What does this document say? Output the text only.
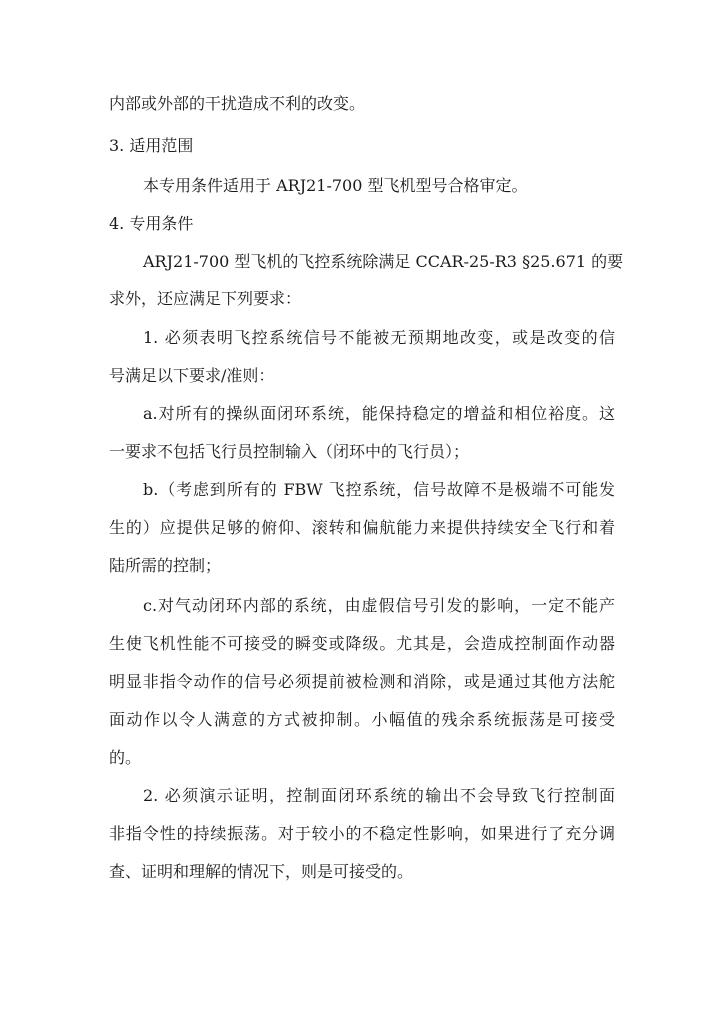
内部或外部的干扰造成不利的改变。
3. 适用范围
本专用条件适用于 ARJ21-700 型飞机型号合格审定。
4. 专用条件
ARJ21-700 型飞机的飞控系统除满足 CCAR-25-R3 §25.671 的要
求外，还应满足下列要求：
1. 必须表明飞控系统信号不能被无预期地改变，或是改变的信
号满足以下要求/准则：
a.对所有的操纵面闭环系统，能保持稳定的增益和相位裕度。这
一要求不包括飞行员控制输入（闭环中的飞行员）；
b.（考虑到所有的 FBW 飞控系统，信号故障不是极端不可能发
生的）应提供足够的俯仰、滚转和偏航能力来提供持续安全飞行和着
陆所需的控制；
c.对气动闭环内部的系统，由虚假信号引发的影响，一定不能产
生使飞机性能不可接受的瞬变或降级。尤其是，会造成控制面作动器
明显非指令动作的信号必须提前被检测和消除，或是通过其他方法舵
面动作以令人满意的方式被抑制。小幅值的残余系统振荡是可接受
的。
2. 必须演示证明，控制面闭环系统的输出不会导致飞行控制面
非指令性的持续振荡。对于较小的不稳定性影响，如果进行了充分调
查、证明和理解的情况下，则是可接受的。
